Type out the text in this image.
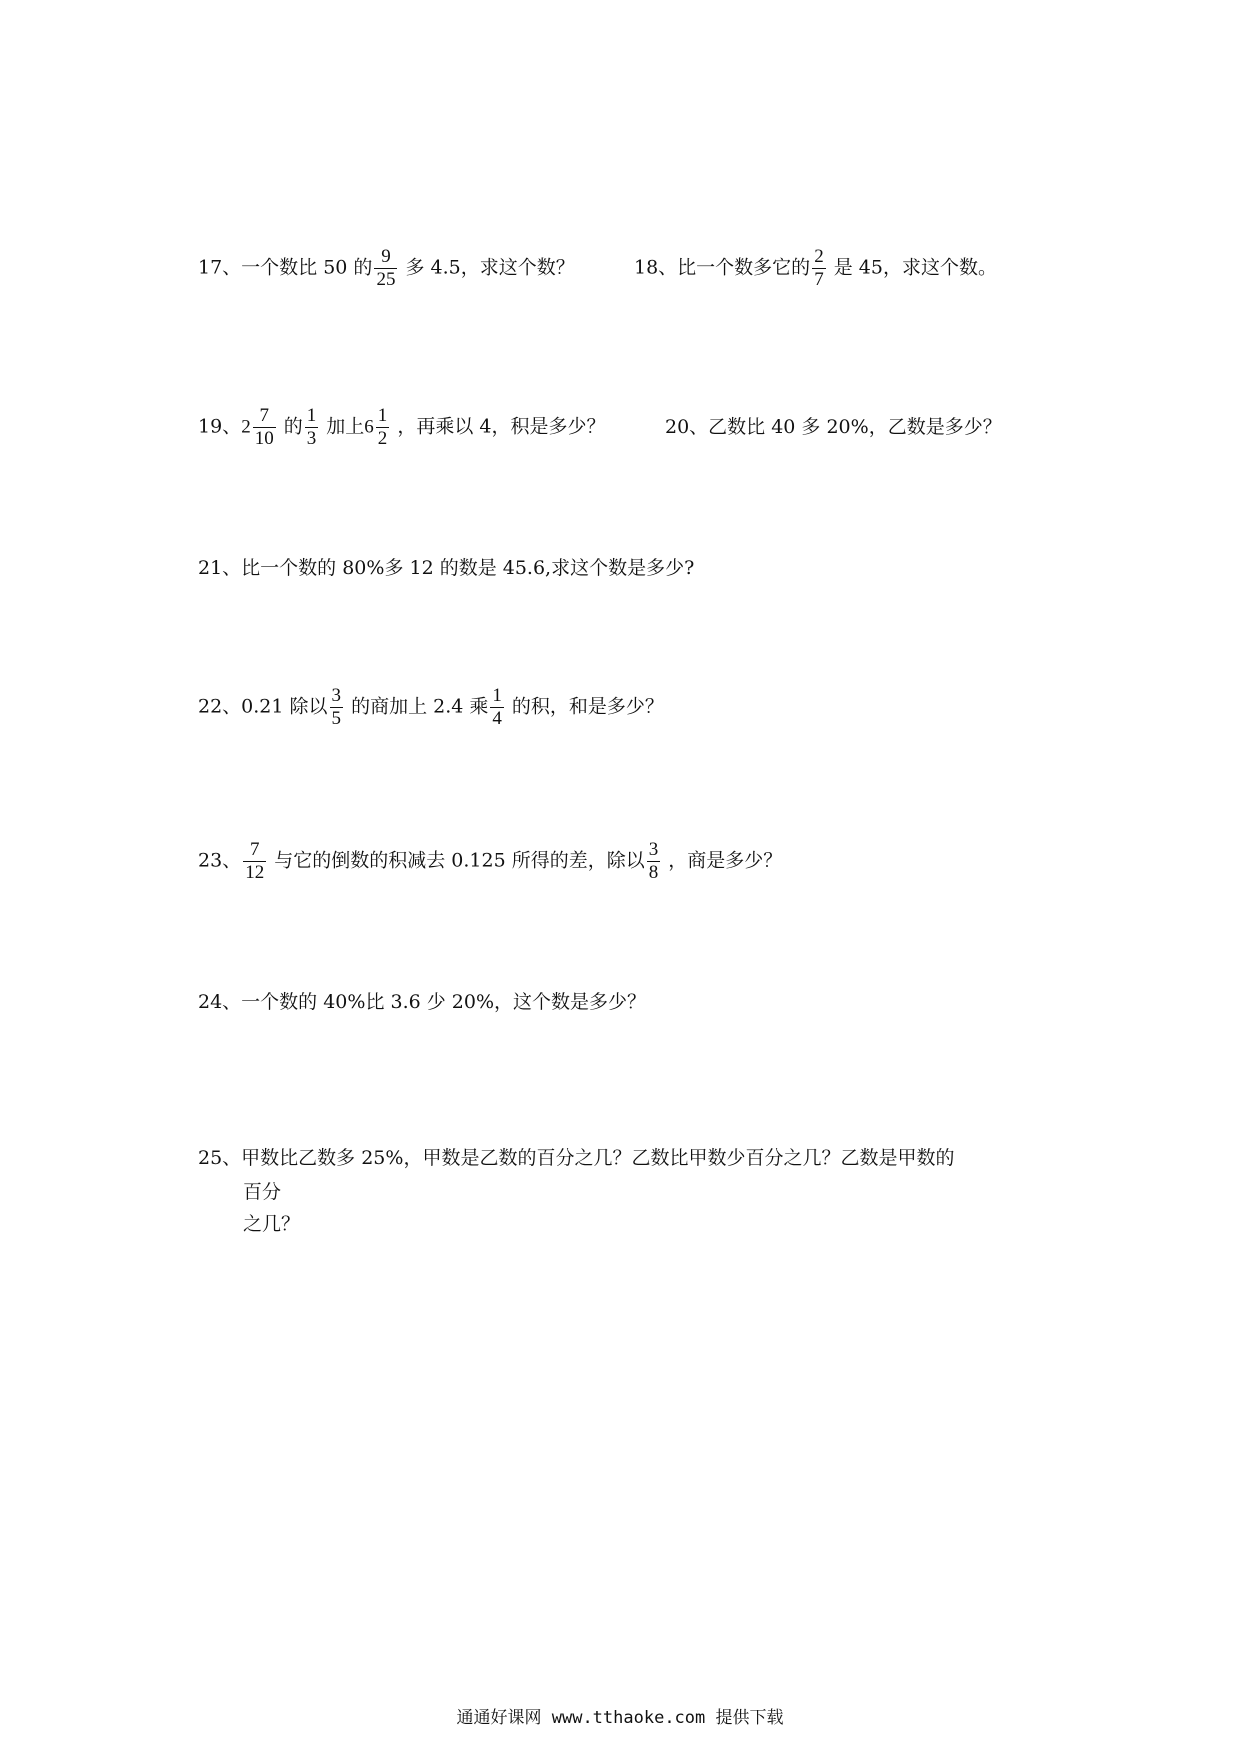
17、一个数比 50 的 $\frac{9}{25}$ 多 4.5，求这个数？	18、比一个数多它的 $\frac{2}{7}$ 是 45，求这个数。
19、$2 \frac{7}{10}$ 的 $\frac{1}{3}$ 加上$6 \frac{1}{2}$ ，再乘以 4，积是多少？	20、乙数比 40 多 20%，乙数是多少？
21、比一个数的 80%多 12 的数是 45.6,求这个数是多少?
22、0.21 除以 $\frac{3}{5}$ 的商加上 2.4 乘 $\frac{1}{4}$ 的积，和是多少？
23、 $\frac{7}{12}$ 与它的倒数的积减去 0.125 所得的差，除以 $\frac{3}{8}$ ，商是多少？
24、一个数的 40%比 3.6 少 20%，这个数是多少？
25、甲数比乙数多 25%，甲数是乙数的百分之几？乙数比甲数少百分之几？乙数是甲数的
百分
之几？
通通好课网 www.tthaoke.com 提供下载
